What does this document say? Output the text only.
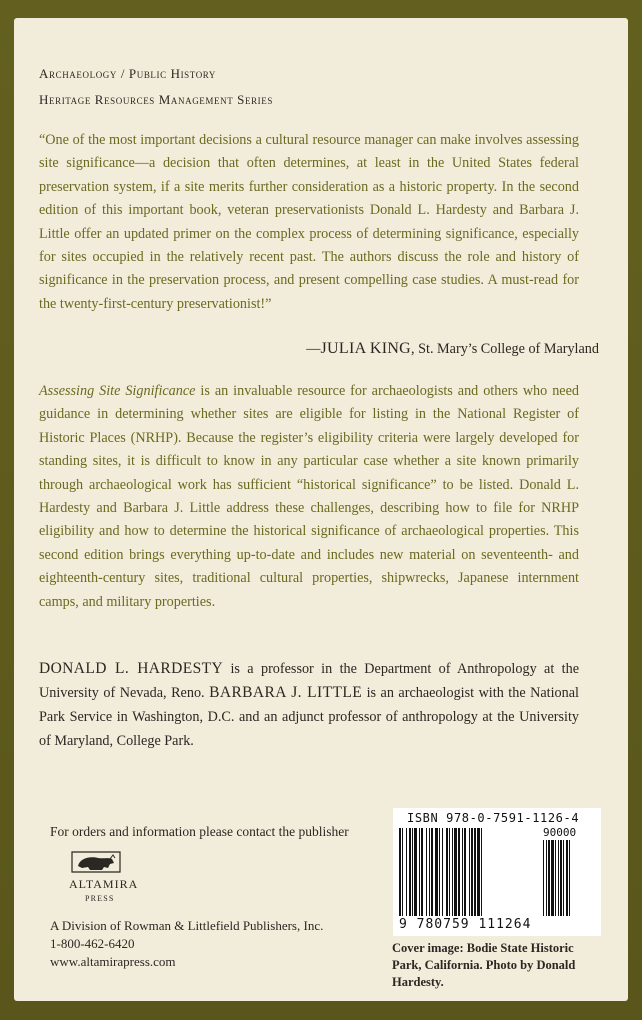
Archaeology / Public History
Heritage Resources Management Series
“One of the most important decisions a cultural resource manager can make involves assessing site significance—a decision that often determines, at least in the United States federal preservation system, if a site merits further consideration as a historic property. In the second edition of this important book, veteran preservationists Donald L. Hardesty and Barbara J. Little offer an updated primer on the complex process of determining significance, especially for sites occupied in the relatively recent past. The authors discuss the role and history of significance in the preservation process, and present compelling case studies. A must-read for the twenty-first-century preservationist!”
—JULIA KING, St. Mary’s College of Maryland
Assessing Site Significance is an invaluable resource for archaeologists and others who need guidance in determining whether sites are eligible for listing in the National Register of Historic Places (NRHP). Because the register’s eligibility criteria were largely developed for standing sites, it is difficult to know in any particular case whether a site known primarily through archaeological work has sufficient “historical significance” to be listed. Donald L. Hardesty and Barbara J. Little address these challenges, describing how to file for NRHP eligibility and how to determine the historical significance of archaeological properties. This second edition brings everything up-to-date and includes new material on seventeenth- and eighteenth-century sites, traditional cultural properties, shipwrecks, Japanese internment camps, and military properties.
DONALD L. HARDESTY is a professor in the Department of Anthropology at the University of Nevada, Reno. BARBARA J. LITTLE is an archaeologist with the National Park Service in Washington, D.C. and an adjunct professor of anthropology at the University of Maryland, College Park.
For orders and information please contact the publisher
ALTAMIRA
PRESS
A Division of Rowman & Littlefield Publishers, Inc.
1-800-462-6420
www.altamirapress.com
ISBN 978-0-7591-1126-4
90000
9 780759 111264
Cover image: Bodie State Historic Park, California. Photo by Donald Hardesty.
